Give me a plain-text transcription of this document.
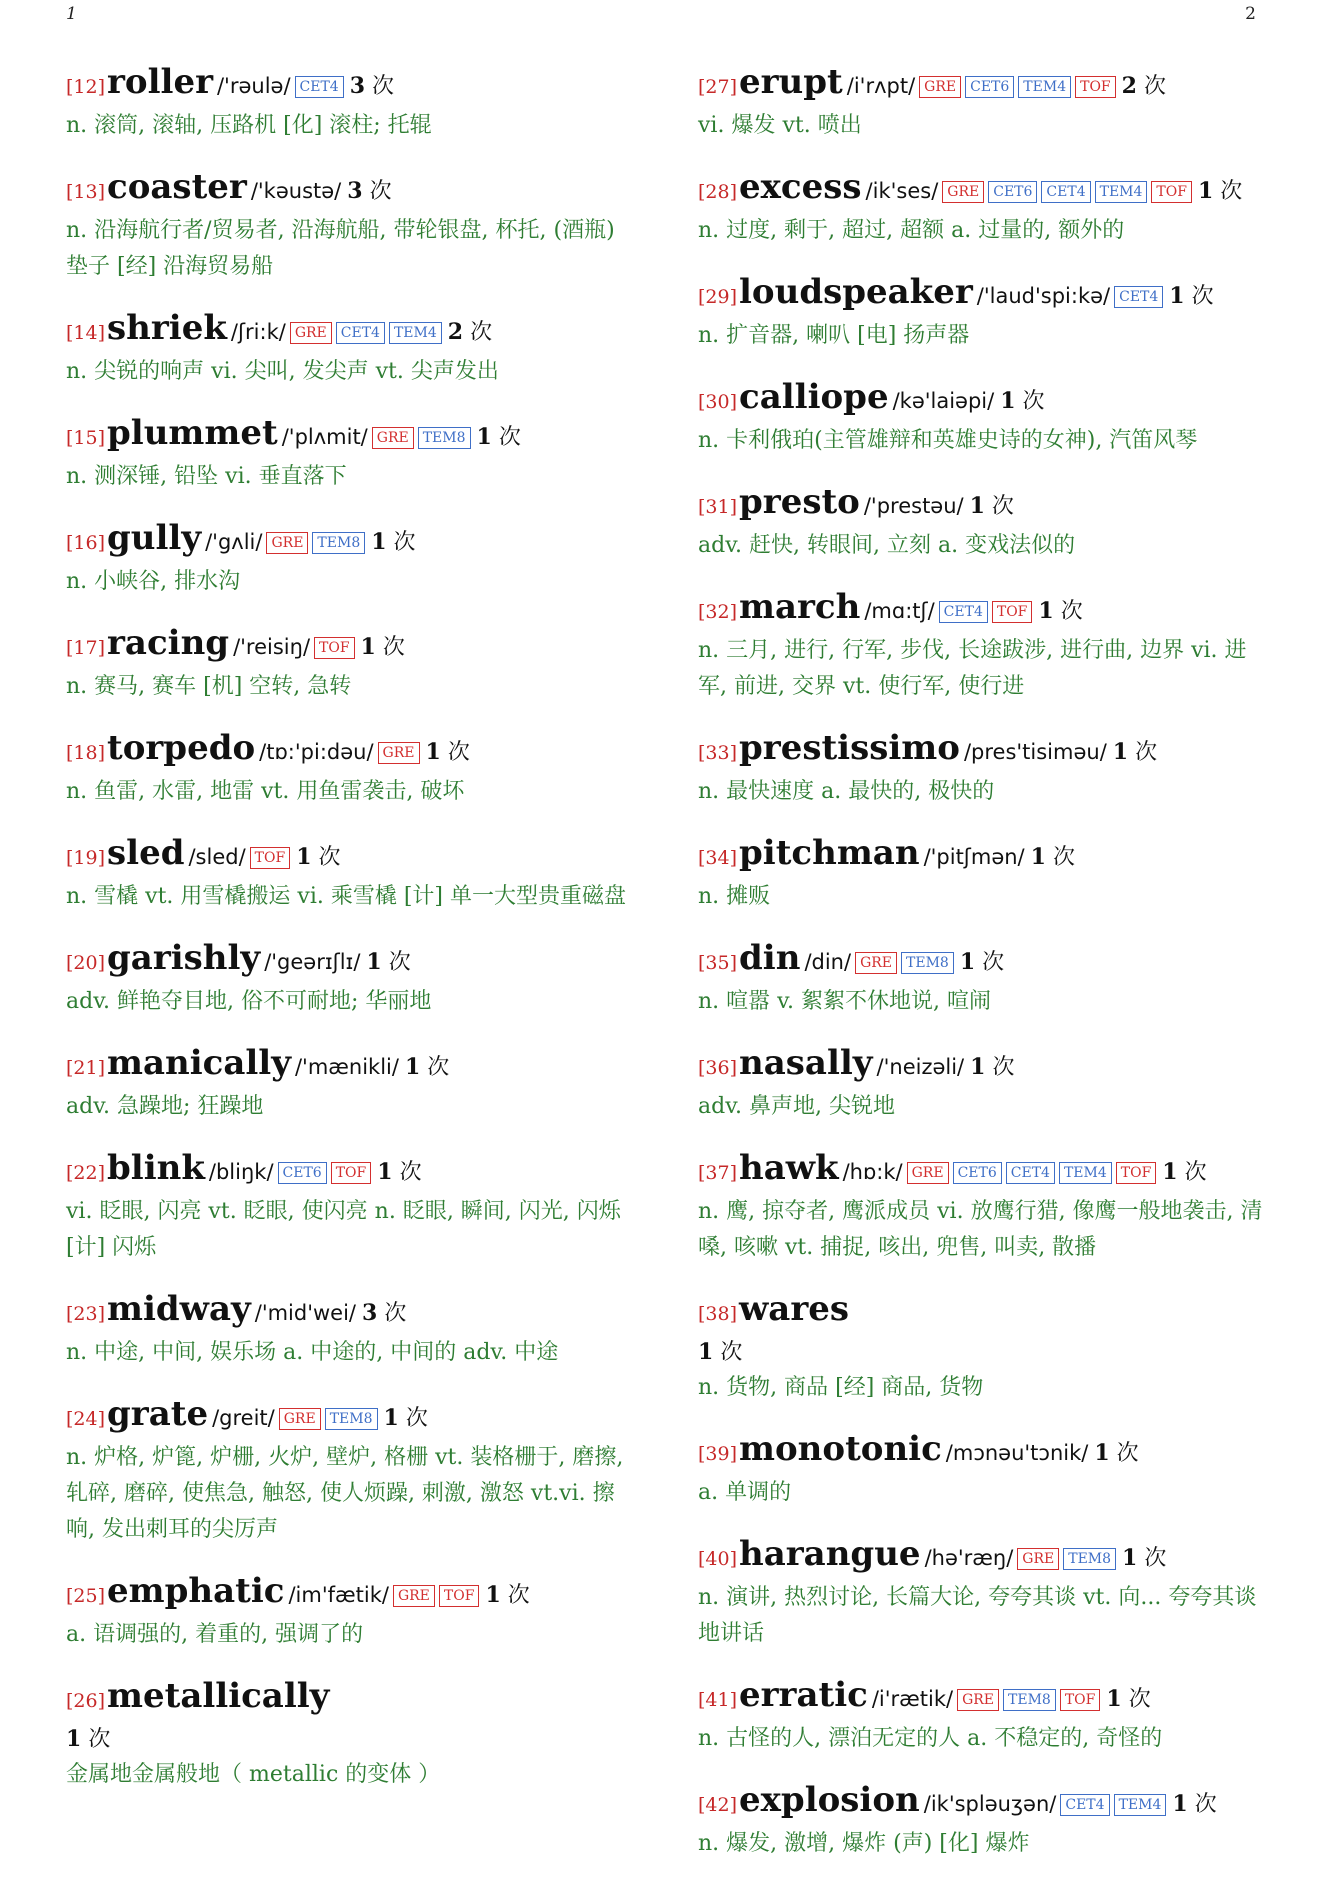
1	2
[12]roller /'rəulə/ CET4 3 次
n. 滚筒, 滚轴, 压路机 [化] 滚柱; 托辊
[13]coaster /'kəustə/ 3 次
n. 沿海航行者/贸易者, 沿海航船, 带轮银盘, 杯托, (酒瓶) 垫子 [经] 沿海贸易船
[14]shriek /ʃri:k/ GRE CET4 TEM4 2 次
n. 尖锐的响声 vi. 尖叫, 发尖声 vt. 尖声发出
[15]plummet /'plʌmit/ GRE TEM8 1 次
n. 测深锤, 铅坠 vi. 垂直落下
[16]gully /'gʌli/ GRE TEM8 1 次
n. 小峡谷, 排水沟
[17]racing /'reisiŋ/ TOF 1 次
n. 赛马, 赛车 [机] 空转, 急转
[18]torpedo /tɒ:'pi:dəu/ GRE 1 次
n. 鱼雷, 水雷, 地雷 vt. 用鱼雷袭击, 破坏
[19]sled /sled/ TOF 1 次
n. 雪橇 vt. 用雪橇搬运 vi. 乘雪橇 [计] 单一大型贵重磁盘
[20]garishly /'geərɪʃlɪ/ 1 次
adv. 鲜艳夺目地, 俗不可耐地; 华丽地
[21]manically /'mænikli/ 1 次
adv. 急躁地; 狂躁地
[22]blink /bliŋk/ CET6 TOF 1 次
vi. 眨眼, 闪亮 vt. 眨眼, 使闪亮 n. 眨眼, 瞬间, 闪光, 闪烁 [计] 闪烁
[23]midway /'mid'wei/ 3 次
n. 中途, 中间, 娱乐场 a. 中途的, 中间的 adv. 中途
[24]grate /greit/ GRE TEM8 1 次
n. 炉格, 炉篦, 炉栅, 火炉, 壁炉, 格栅 vt. 装格栅于, 磨擦, 轧碎, 磨碎, 使焦急, 触怒, 使人烦躁, 刺激, 激怒 vt.vi. 擦响, 发出刺耳的尖厉声
[25]emphatic /im'fætik/ GRE TOF 1 次
a. 语调强的, 着重的, 强调了的
[26]metallically
1 次
金属地金属般地（ metallic 的变体 ）
[27]erupt /i'rʌpt/ GRE CET6 TEM4 TOF 2 次
vi. 爆发 vt. 喷出
[28]excess /ik'ses/ GRE CET6 CET4 TEM4 TOF 1 次
n. 过度, 剩于, 超过, 超额 a. 过量的, 额外的
[29]loudspeaker /'laud'spi:kə/ CET4 1 次
n. 扩音器, 喇叭 [电] 扬声器
[30]calliope /kə'laiəpi/ 1 次
n. 卡利俄珀(主管雄辩和英雄史诗的女神), 汽笛风琴
[31]presto /'prestəu/ 1 次
adv. 赶快, 转眼间, 立刻 a. 变戏法似的
[32]march /mɑ:tʃ/ CET4 TOF 1 次
n. 三月, 进行, 行军, 步伐, 长途跋涉, 进行曲, 边界 vi. 进军, 前进, 交界 vt. 使行军, 使行进
[33]prestissimo /pres'tisiməu/ 1 次
n. 最快速度 a. 最快的, 极快的
[34]pitchman /'pitʃmən/ 1 次
n. 摊贩
[35]din /din/ GRE TEM8 1 次
n. 喧嚣 v. 絮絮不休地说, 喧闹
[36]nasally /'neizəli/ 1 次
adv. 鼻声地, 尖锐地
[37]hawk /hɒ:k/ GRE CET6 CET4 TEM4 TOF 1 次
n. 鹰, 掠夺者, 鹰派成员 vi. 放鹰行猎, 像鹰一般地袭击, 清嗓, 咳嗽 vt. 捕捉, 咳出, 兜售, 叫卖, 散播
[38]wares
1 次
n. 货物, 商品 [经] 商品, 货物
[39]monotonic /mɔnəu'tɔnik/ 1 次
a. 单调的
[40]harangue /hə'ræŋ/ GRE TEM8 1 次
n. 演讲, 热烈讨论, 长篇大论, 夸夸其谈 vt. 向... 夸夸其谈地讲话
[41]erratic /i'rætik/ GRE TEM8 TOF 1 次
n. 古怪的人, 漂泊无定的人 a. 不稳定的, 奇怪的
[42]explosion /ik'spləuʒən/ CET4 TEM4 1 次
n. 爆发, 激增, 爆炸 (声) [化] 爆炸
